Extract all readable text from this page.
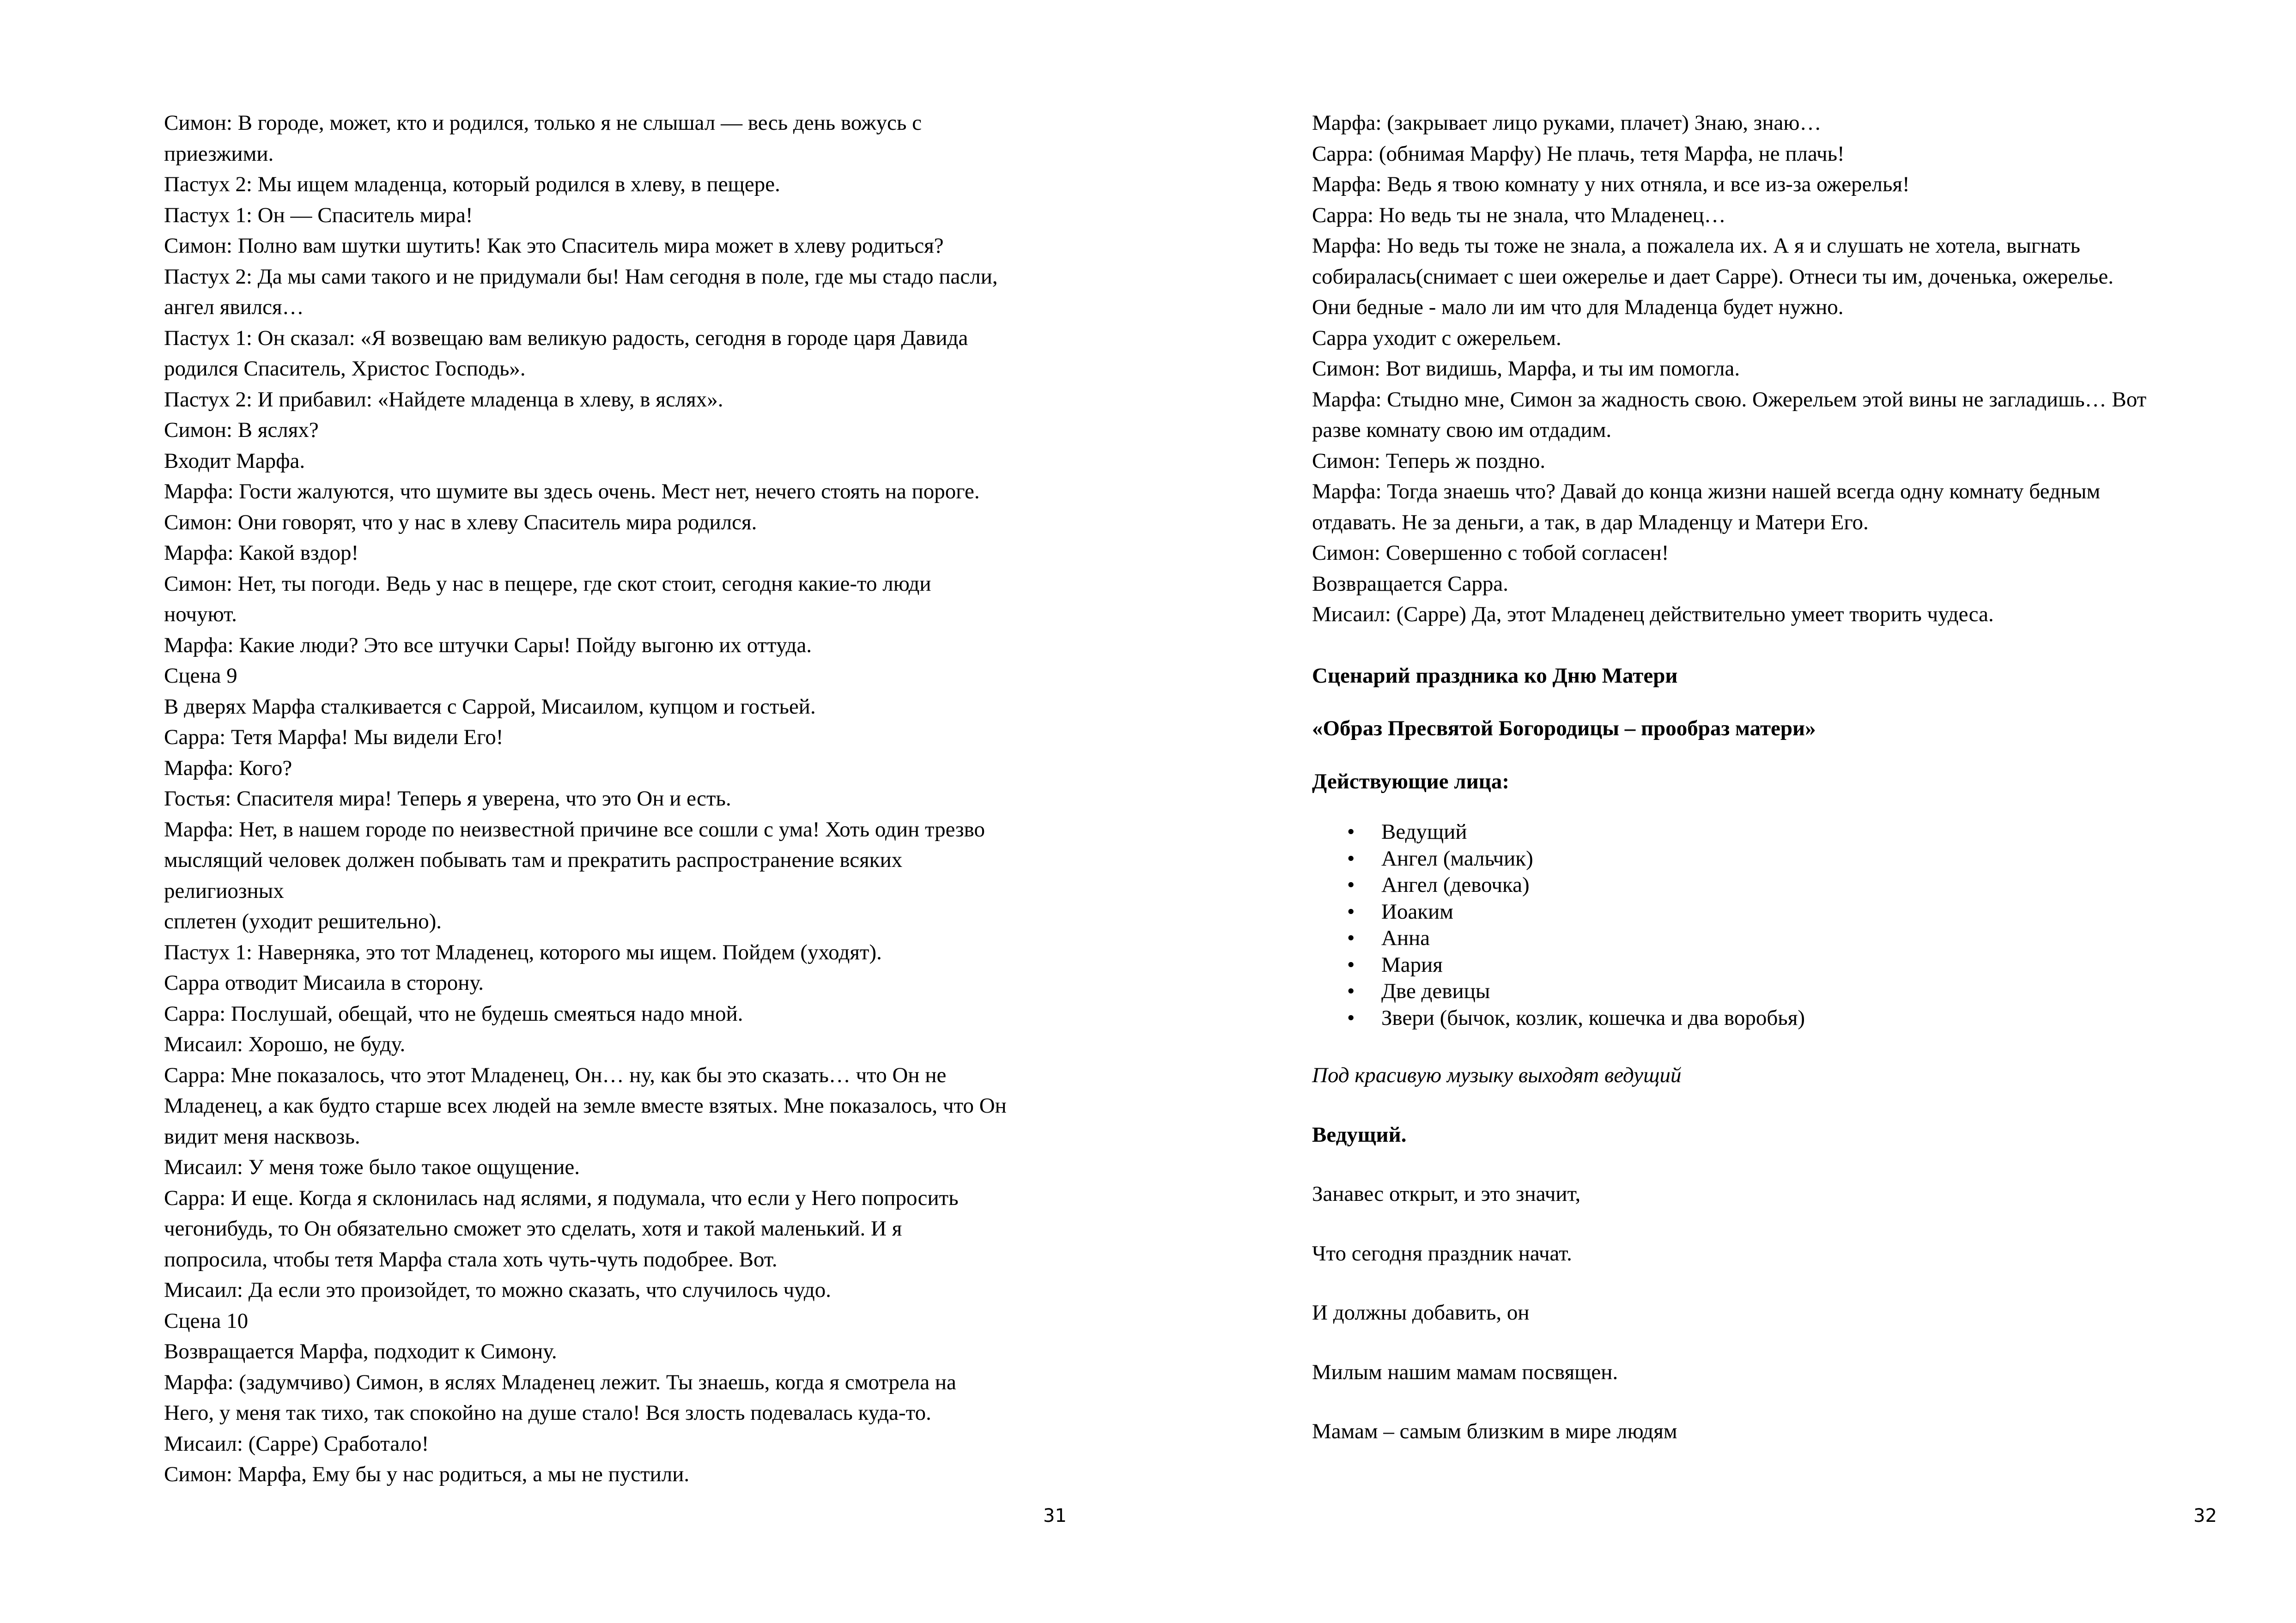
Симон: В городе, может, кто и родился, только я не слышал — весь день вожусь с
приезжими.
Пастух 2: Мы ищем младенца, который родился в хлеву, в пещере.
Пастух 1: Он — Спаситель мира!
Симон: Полно вам шутки шутить! Как это Спаситель мира может в хлеву родиться?
Пастух 2: Да мы сами такого и не придумали бы! Нам сегодня в поле, где мы стадо пасли,
ангел явился…
Пастух 1: Он сказал: «Я возвещаю вам великую радость, сегодня в городе царя Давида
родился Спаситель, Христос Господь».
Пастух 2: И прибавил: «Найдете младенца в хлеву, в яслях».
Симон: В яслях?
Входит Марфа.
Марфа: Гости жалуются, что шумите вы здесь очень. Мест нет, нечего стоять на пороге.
Симон: Они говорят, что у нас в хлеву Спаситель мира родился.
Марфа: Какой вздор!
Симон: Нет, ты погоди. Ведь у нас в пещере, где скот стоит, сегодня какие-то люди
ночуют.
Марфа: Какие люди? Это все штучки Сары! Пойду выгоню их оттуда.
Сцена 9
В дверях Марфа сталкивается с Саррой, Мисаилом, купцом и гостьей.
Сарра: Тетя Марфа! Мы видели Его!
Марфа: Кого?
Гостья: Спасителя мира! Теперь я уверена, что это Он и есть.
Марфа: Нет, в нашем городе по неизвестной причине все сошли с ума! Хоть один трезво
мыслящий человек должен побывать там и прекратить распространение всяких
религиозных
сплетен (уходит решительно).
Пастух 1: Наверняка, это тот Младенец, которого мы ищем. Пойдем (уходят).
Сарра отводит Мисаила в сторону.
Сарра: Послушай, обещай, что не будешь смеяться надо мной.
Мисаил: Хорошо, не буду.
Сарра: Мне показалось, что этот Младенец, Он… ну, как бы это сказать… что Он не
Младенец, а как будто старше всех людей на земле вместе взятых. Мне показалось, что Он
видит меня насквозь.
Мисаил: У меня тоже было такое ощущение.
Сарра: И еще. Когда я склонилась над яслями, я подумала, что если у Него попросить
чегонибудь, то Он обязательно сможет это сделать, хотя и такой маленький. И я
попросила, чтобы тетя Марфа стала хоть чуть-чуть подобрее. Вот.
Мисаил: Да если это произойдет, то можно сказать, что случилось чудо.
Сцена 10
Возвращается Марфа, подходит к Симону.
Марфа: (задумчиво) Симон, в яслях Младенец лежит. Ты знаешь, когда я смотрела на
Него, у меня так тихо, так спокойно на душе стало! Вся злость подевалась куда-то.
Мисаил: (Сарре) Сработало!
Симон: Марфа, Ему бы у нас родиться, а мы не пустили.
31
Марфа: (закрывает лицо руками, плачет) Знаю, знаю…
Сарра: (обнимая Марфу) Не плачь, тетя Марфа, не плачь!
Марфа: Ведь я твою комнату у них отняла, и все из-за ожерелья!
Сарра: Но ведь ты не знала, что Младенец…
Марфа: Но ведь ты тоже не знала, а пожалела их. А я и слушать не хотела, выгнать
собиралась(снимает с шеи ожерелье и дает Сарре). Отнеси ты им, доченька, ожерелье.
Они бедные - мало ли им что для Младенца будет нужно.
Сарра уходит с ожерельем.
Симон: Вот видишь, Марфа, и ты им помогла.
Марфа: Стыдно мне, Симон за жадность свою. Ожерельем этой вины не загладишь… Вот
разве комнату свою им отдадим.
Симон: Теперь ж поздно.
Марфа: Тогда знаешь что? Давай до конца жизни нашей всегда одну комнату бедным
отдавать. Не за деньги, а так, в дар Младенцу и Матери Его.
Симон: Совершенно с тобой согласен!
Возвращается Сарра.
Мисаил: (Сарре) Да, этот Младенец действительно умеет творить чудеса.
Сценарий праздника ко Дню Матери
«Образ Пресвятой Богородицы – прообраз матери»
Действующие лица:
• Ведущий
• Ангел (мальчик)
• Ангел (девочка)
• Иоаким
• Анна
• Мария
• Две девицы
• Звери (бычок, козлик, кошечка и два воробья)
Под красивую музыку выходят ведущий
Ведущий.
Занавес открыт, и это значит,
Что сегодня праздник начат.
И должны добавить, он
Милым нашим мамам посвящен.
Мамам – самым близким в мире людям
32
